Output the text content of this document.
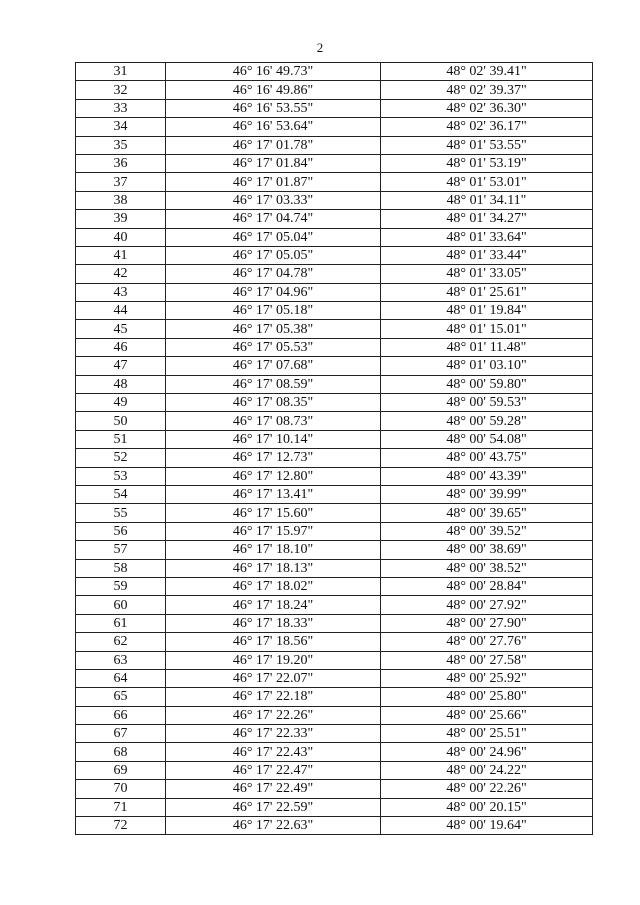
2
31	46° 16' 49.73"	48° 02' 39.41"
32	46° 16' 49.86"	48° 02' 39.37"
33	46° 16' 53.55"	48° 02' 36.30"
34	46° 16' 53.64"	48° 02' 36.17"
35	46° 17' 01.78"	48° 01' 53.55"
36	46° 17' 01.84"	48° 01' 53.19"
37	46° 17' 01.87"	48° 01' 53.01"
38	46° 17' 03.33"	48° 01' 34.11"
39	46° 17' 04.74"	48° 01' 34.27"
40	46° 17' 05.04"	48° 01' 33.64"
41	46° 17' 05.05"	48° 01' 33.44"
42	46° 17' 04.78"	48° 01' 33.05"
43	46° 17' 04.96"	48° 01' 25.61"
44	46° 17' 05.18"	48° 01' 19.84"
45	46° 17' 05.38"	48° 01' 15.01"
46	46° 17' 05.53"	48° 01' 11.48"
47	46° 17' 07.68"	48° 01' 03.10"
48	46° 17' 08.59"	48° 00' 59.80"
49	46° 17' 08.35"	48° 00' 59.53"
50	46° 17' 08.73"	48° 00' 59.28"
51	46° 17' 10.14"	48° 00' 54.08"
52	46° 17' 12.73"	48° 00' 43.75"
53	46° 17' 12.80"	48° 00' 43.39"
54	46° 17' 13.41"	48° 00' 39.99"
55	46° 17' 15.60"	48° 00' 39.65"
56	46° 17' 15.97"	48° 00' 39.52"
57	46° 17' 18.10"	48° 00' 38.69"
58	46° 17' 18.13"	48° 00' 38.52"
59	46° 17' 18.02"	48° 00' 28.84"
60	46° 17' 18.24"	48° 00' 27.92"
61	46° 17' 18.33"	48° 00' 27.90"
62	46° 17' 18.56"	48° 00' 27.76"
63	46° 17' 19.20"	48° 00' 27.58"
64	46° 17' 22.07"	48° 00' 25.92"
65	46° 17' 22.18"	48° 00' 25.80"
66	46° 17' 22.26"	48° 00' 25.66"
67	46° 17' 22.33"	48° 00' 25.51"
68	46° 17' 22.43"	48° 00' 24.96"
69	46° 17' 22.47"	48° 00' 24.22"
70	46° 17' 22.49"	48° 00' 22.26"
71	46° 17' 22.59"	48° 00' 20.15"
72	46° 17' 22.63"	48° 00' 19.64"
